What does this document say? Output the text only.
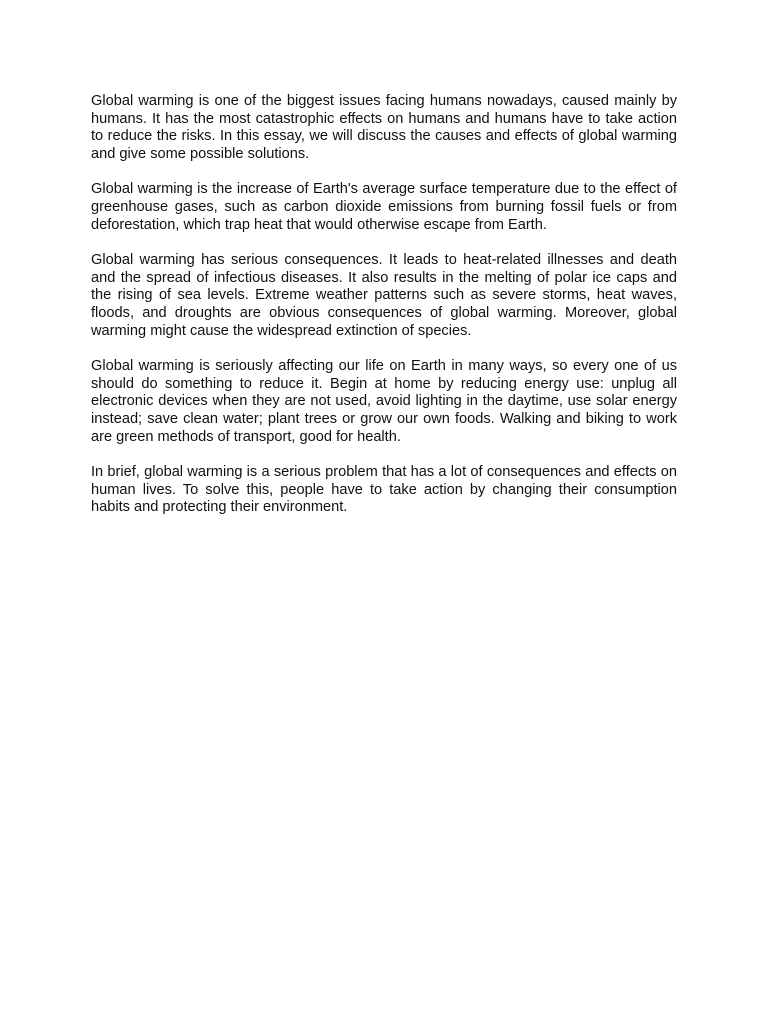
Global warming is one of the biggest issues facing humans nowadays, caused mainly by humans. It has the most catastrophic effects on humans and humans have to take action to reduce the risks. In this essay, we will discuss the causes and effects of global warming and give some possible solutions.

Global warming is the increase of Earth's average surface temperature due to the effect of greenhouse gases, such as carbon dioxide emissions from burning fossil fuels or from deforestation, which trap heat that would otherwise escape from Earth.

Global warming has serious consequences. It leads to heat-related illnesses and death and the spread of infectious diseases. It also results in the melting of polar ice caps and the rising of sea levels. Extreme weather patterns such as severe storms, heat waves, floods, and droughts are obvious consequences of global warming. Moreover, global warming might cause the widespread extinction of species.

Global warming is seriously affecting our life on Earth in many ways, so every one of us should do something to reduce it. Begin at home by reducing energy use: unplug all electronic devices when they are not used, avoid lighting in the daytime, use solar energy instead; save clean water; plant trees or grow our own foods. Walking and biking to work are green methods of transport, good for health.

In brief, global warming is a serious problem that has a lot of consequences and effects on human lives. To solve this, people have to take action by changing their consumption habits and protecting their environment.
